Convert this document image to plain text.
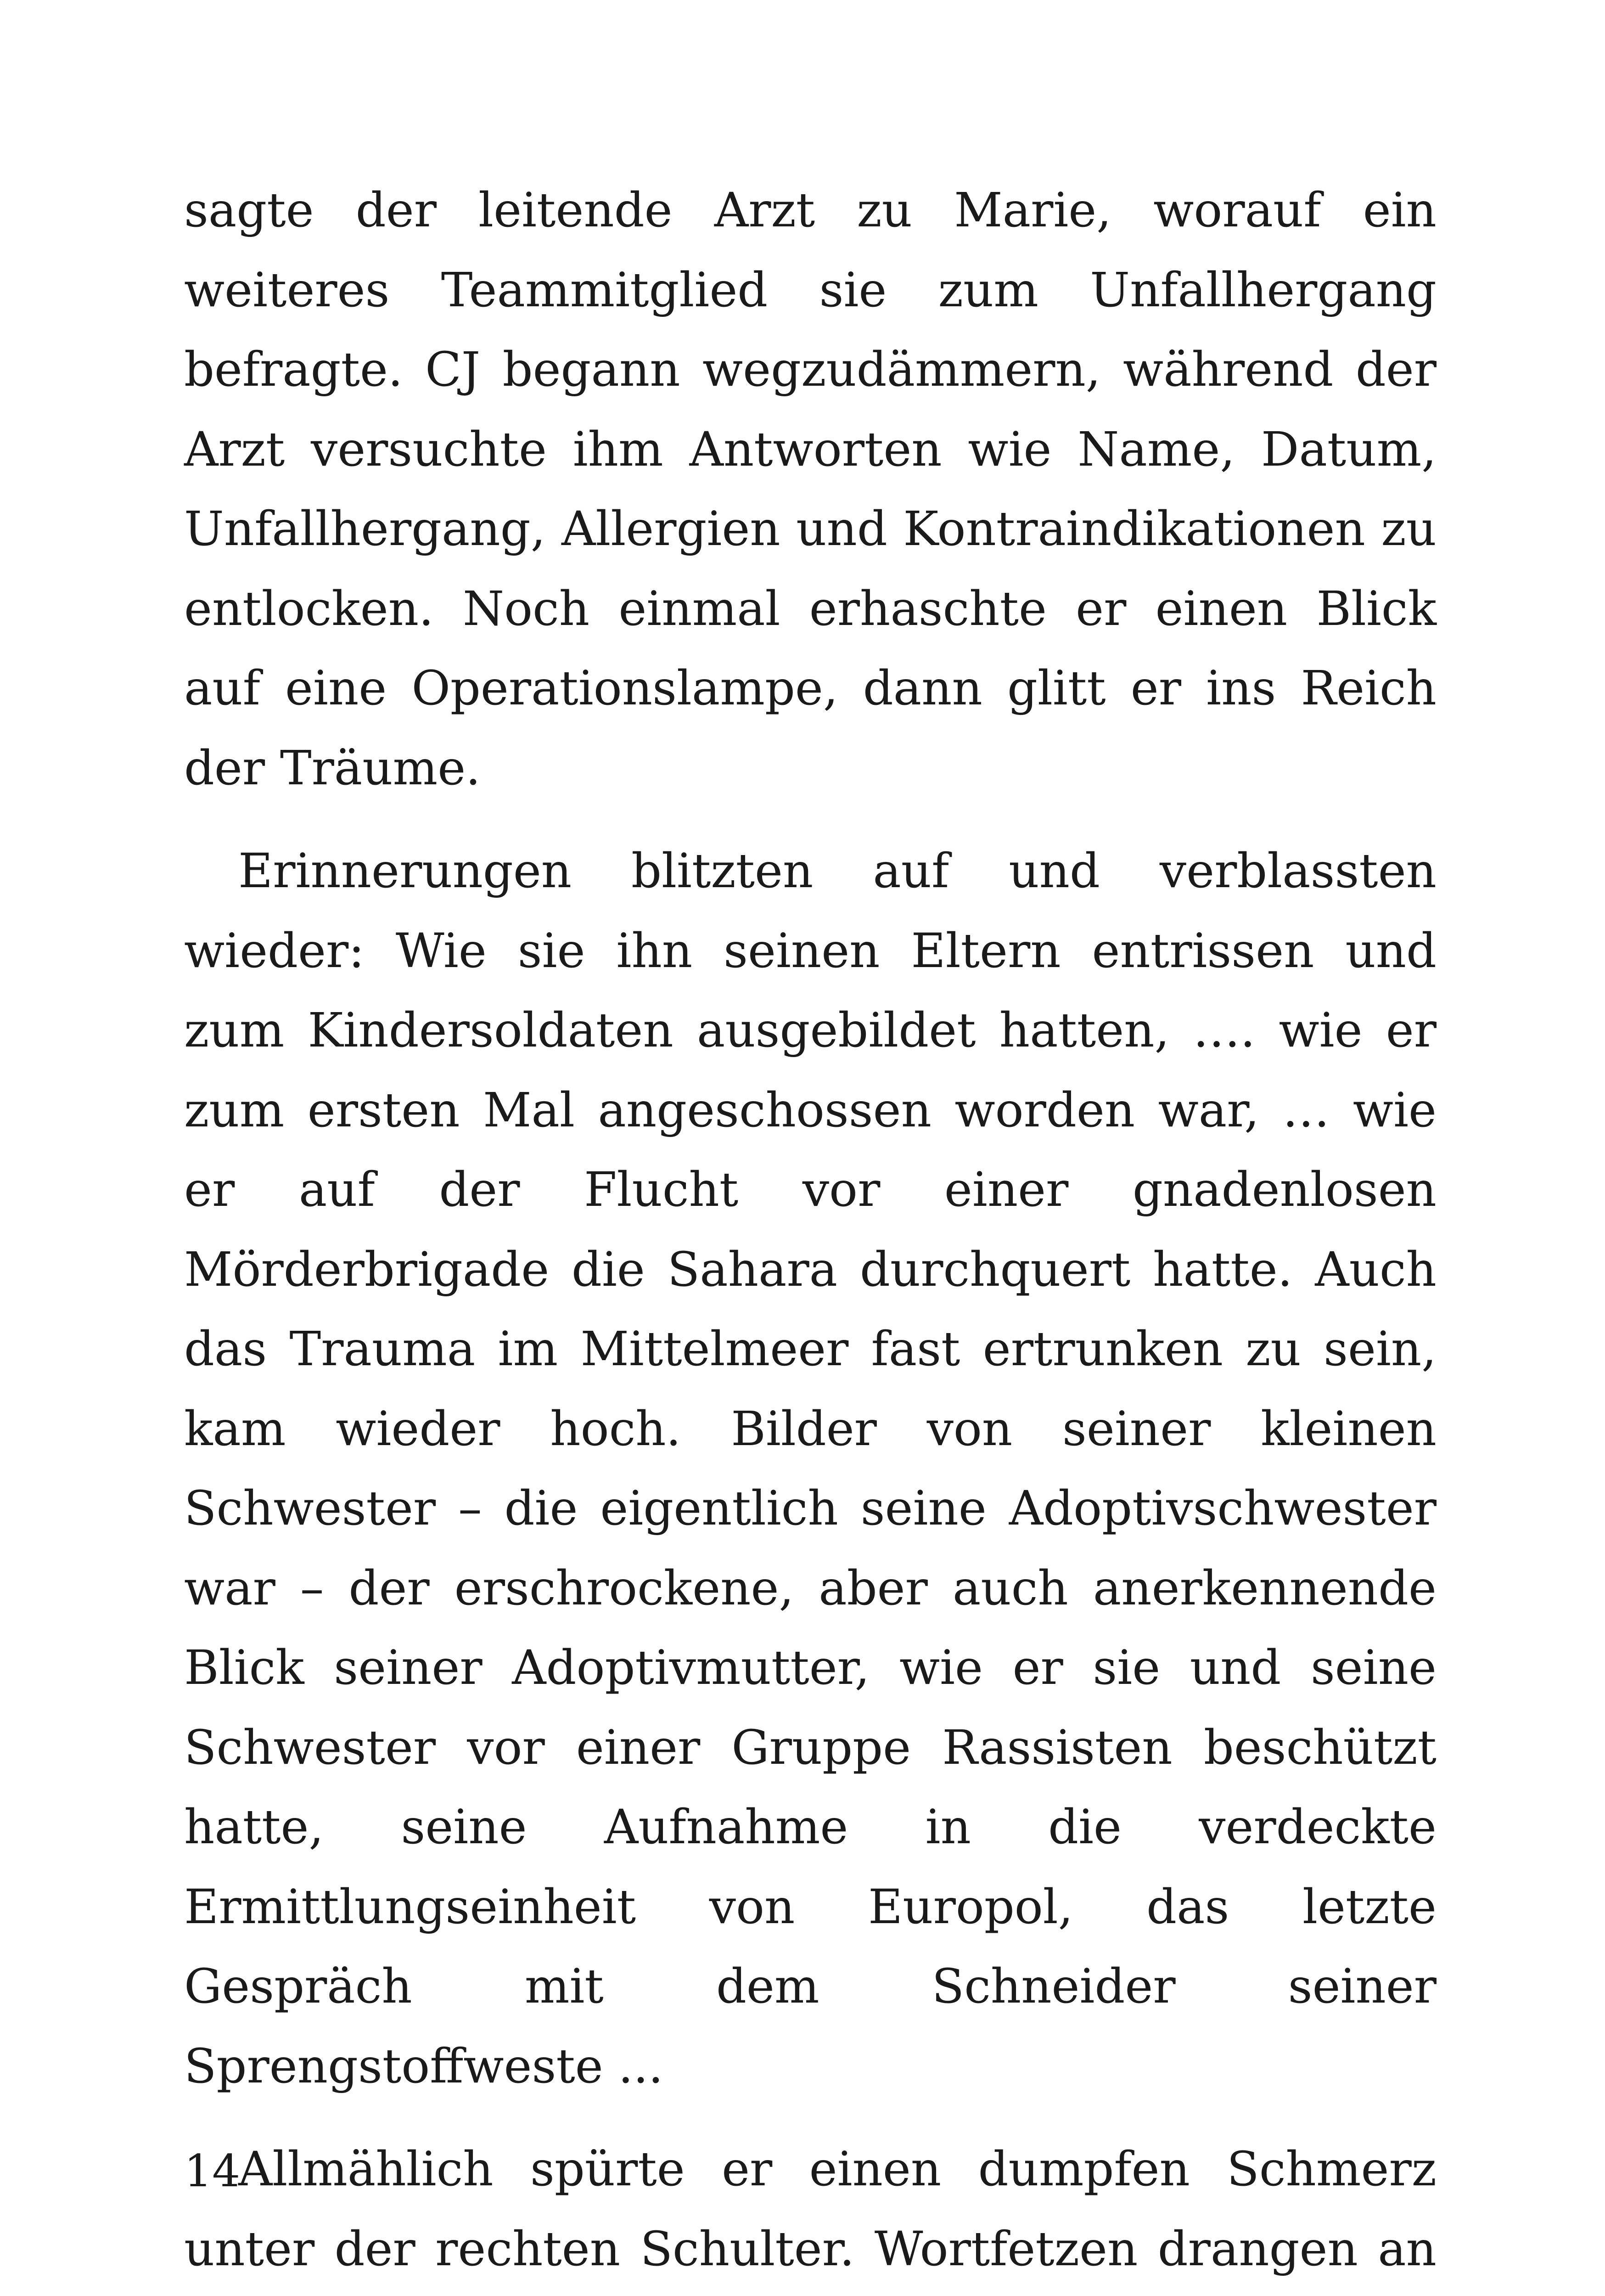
sagte der leitende Arzt zu Marie, worauf ein weiteres Teammitglied sie zum Unfallhergang befragte. CJ begann wegzudämmern, während der Arzt versuchte ihm Antworten wie Name, Datum, Unfallhergang, Allergien und Kontraindikationen zu entlocken. Noch einmal erhaschte er einen Blick auf eine Operationslampe, dann glitt er ins Reich der Träume.

Erinnerungen blitzten auf und verblassten wieder: Wie sie ihn seinen Eltern entrissen und zum Kindersoldaten ausgebildet hatten, …. wie er zum ersten Mal angeschossen worden war, … wie er auf der Flucht vor einer gnadenlosen Mörderbrigade die Sahara durchquert hatte. Auch das Trauma im Mittelmeer fast ertrunken zu sein, kam wieder hoch. Bilder von seiner kleinen Schwester – die eigentlich seine Adoptivschwester war – der erschrockene, aber auch anerkennende Blick seiner Adoptivmutter, wie er sie und seine Schwester vor einer Gruppe Rassisten beschützt hatte, seine Aufnahme in die verdeckte Ermittlungseinheit von Europol, das letzte Gespräch mit dem Schneider seiner Sprengstoffweste ...

Allmählich spürte er einen dumpfen Schmerz unter der rechten Schulter. Wortfetzen drangen an

14
